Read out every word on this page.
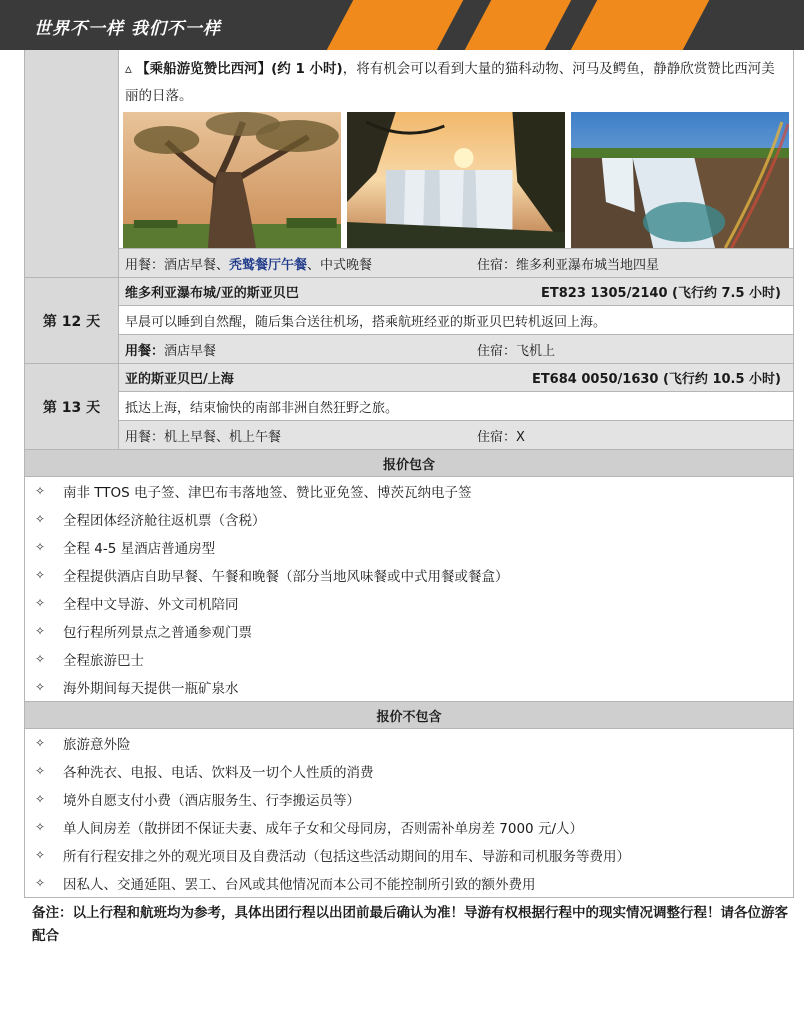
世界不一样 我们不一样
▵ 【乘船游览赞比西河】(约 1 小时)，将有机会可以看到大量的猫科动物、河马及鳄鱼，静静欣赏赞比西河美丽的日落。
用餐：酒店早餐、秃鹫餐厅午餐、中式晚餐	住宿：维多利亚瀑布城当地四星
第 12 天
维多利亚瀑布城/亚的斯亚贝巴	ET823 1305/2140 (飞行约 7.5 小时)
早晨可以睡到自然醒，随后集合送往机场，搭乘航班经亚的斯亚贝巴转机返回上海。
用餐：酒店早餐	住宿：飞机上
第 13 天
亚的斯亚贝巴/上海	ET684 0050/1630 (飞行约 10.5 小时)
抵达上海，结束愉快的南部非洲自然狂野之旅。
用餐：机上早餐、机上午餐	住宿：X
报价包含
✧	南非 TTOS 电子签、津巴布韦落地签、赞比亚免签、博茨瓦纳电子签
✧	全程团体经济舱往返机票（含税）
✧	全程 4-5 星酒店普通房型
✧	全程提供酒店自助早餐、午餐和晚餐（部分当地风味餐或中式用餐或餐盒）
✧	全程中文导游、外文司机陪同
✧	包行程所列景点之普通参观门票
✧	全程旅游巴士
✧	海外期间每天提供一瓶矿泉水
报价不包含
✧	旅游意外险
✧	各种洗衣、电报、电话、饮料及一切个人性质的消费
✧	境外自愿支付小费（酒店服务生、行李搬运员等）
✧	单人间房差（散拼团不保证夫妻、成年子女和父母同房，否则需补单房差 7000 元/人）
✧	所有行程安排之外的观光项目及自费活动（包括这些活动期间的用车、导游和司机服务等费用）
✧	因私人、交通延阻、罢工、台风或其他情况而本公司不能控制所引致的额外费用
备注：以上行程和航班均为参考，具体出团行程以出团前最后确认为准！导游有权根据行程中的现实情况调整行程！请各位游客配合
